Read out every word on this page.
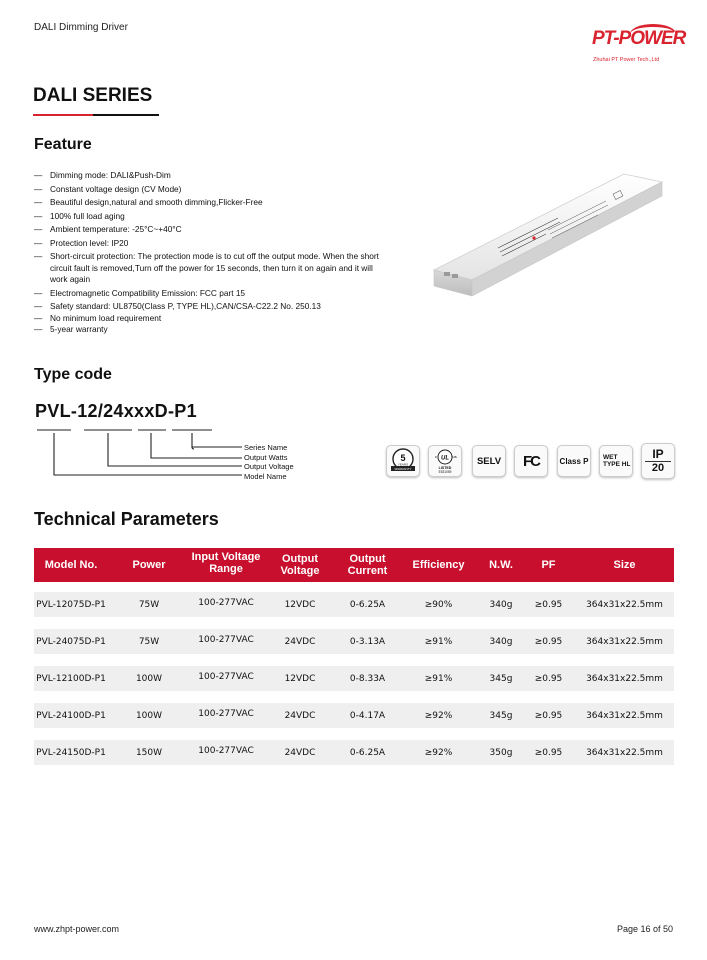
DALI Dimming Driver
PT-POWER
Zhuhai PT Power Tech.,Ltd
DALI SERIES
Feature
— Dimming mode: DALI&Push-Dim
— Constant voltage design (CV Mode)
— Beautiful design,natural and smooth dimming,Flicker-Free
— 100% full load aging
— Ambient temperature: -25°C~+40°C
— Protection level: IP20
— Short-circuit protection: The protection mode is to cut off the output mode. When the short circuit fault is removed,Turn off the power for 15 seconds, then turn it on again and it will work again
— Electromagnetic Compatibility Emission: FCC part 15
— Safety standard: UL8750(Class P, TYPE HL),CAN/CSA-C22.2 No. 250.13
— No minimum load requirement
— 5-year warranty
Type code
PVL-12/24xxxD-P1
Series Name
Output Watts
Output Voltage
Model Name
5
YEARS
WARRANTY
UL
c	us
LISTED
E531059
SELV FC	Class P WET
TYPE HL
IP
20
Technical Parameters
Model No.	Power
Input Voltage
Range
Output
Voltage
Output
Current	Efficiency	N.W.	PF	Size
PVL-12075D-P1	75W	100-277VAC	12VDC	0-6.25A	≥90%	340g	≥0.95	364x31x22.5mm
PVL-24075D-P1	75W	100-277VAC	24VDC	0-3.13A	≥91%	340g	≥0.95	364x31x22.5mm
PVL-12100D-P1	100W	100-277VAC	12VDC	0-8.33A	≥91%	345g	≥0.95	364x31x22.5mm
PVL-24100D-P1	100W	100-277VAC	24VDC	0-4.17A	≥92%	345g	≥0.95	364x31x22.5mm
PVL-24150D-P1	150W	100-277VAC	24VDC	0-6.25A	≥92%	350g	≥0.95	364x31x22.5mm
www.zhpt-power.com	Page 16 of 50
